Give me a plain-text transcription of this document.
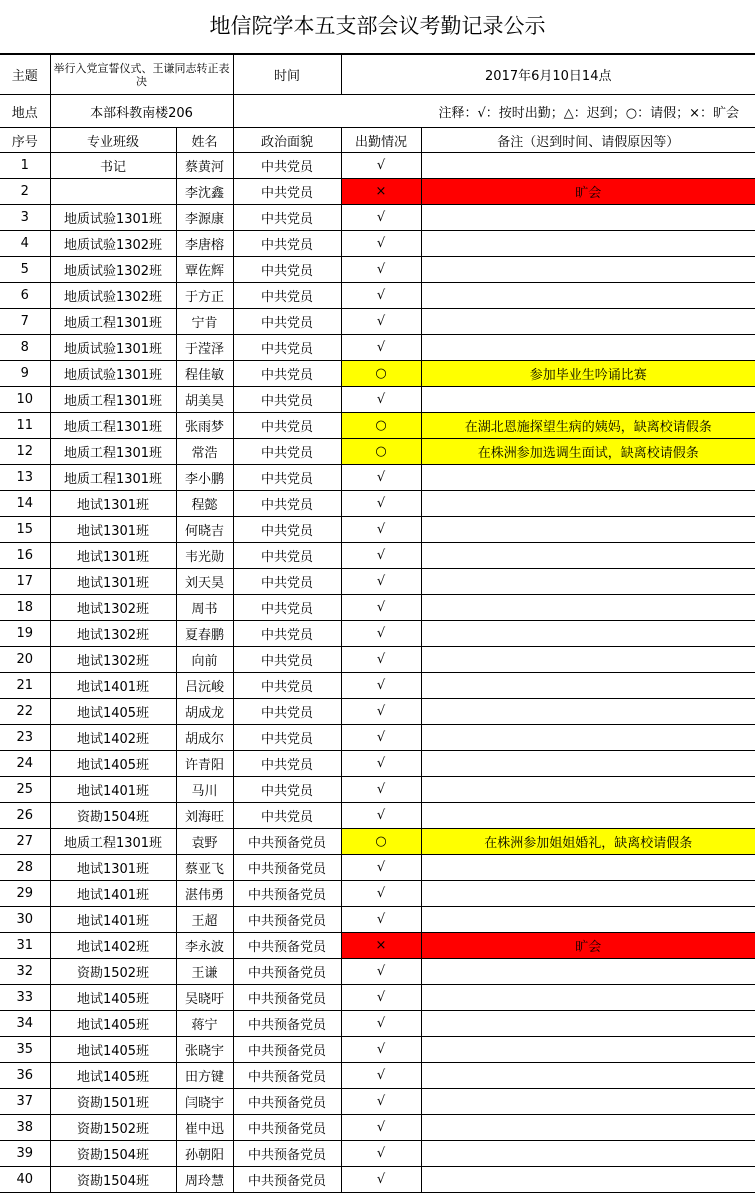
地信院学本五支部会议考勤记录公示
主题	举行入党宣誓仪式、王谦同志转正表决		时间	2017年6月10日14点	
地点	本部科教南楼206		注释：√：按时出勤；△：迟到；○：请假；×：旷会		
序号	专业班级	姓名	政治面貌	出勤情况	备注（迟到时间、请假原因等）
1	书记	蔡黄河	中共党员	√	
2		李沈鑫	中共党员	×	旷会
3	地质试验1301班	李源康	中共党员	√	
4	地质试验1302班	李唐榕	中共党员	√	
5	地质试验1302班	覃佐辉	中共党员	√	
6	地质试验1302班	于方正	中共党员	√	
7	地质工程1301班	宁肯	中共党员	√	
8	地质试验1301班	于滢泽	中共党员	√	
9	地质试验1301班	程佳敏	中共党员	○	参加毕业生吟诵比赛
10	地质工程1301班	胡美昊	中共党员	√	
11	地质工程1301班	张雨梦	中共党员	○	在湖北恩施探望生病的姨妈，缺离校请假条
12	地质工程1301班	常浩	中共党员	○	在株洲参加选调生面试，缺离校请假条
13	地质工程1301班	李小鹏	中共党员	√	
14	地试1301班	程懿	中共党员	√	
15	地试1301班	何晓吉	中共党员	√	
16	地试1301班	韦光勋	中共党员	√	
17	地试1301班	刘天昊	中共党员	√	
18	地试1302班	周书	中共党员	√	
19	地试1302班	夏春鹏	中共党员	√	
20	地试1302班	向前	中共党员	√	
21	地试1401班	吕沅峻	中共党员	√	
22	地试1405班	胡成龙	中共党员	√	
23	地试1402班	胡成尔	中共党员	√	
24	地试1405班	许青阳	中共党员	√	
25	地试1401班	马川	中共党员	√	
26	资勘1504班	刘海旺	中共党员	√	
27	地质工程1301班	袁野	中共预备党员	○	在株洲参加姐姐婚礼，缺离校请假条
28	地试1301班	蔡亚飞	中共预备党员	√	
29	地试1401班	湛伟勇	中共预备党员	√	
30	地试1401班	王超	中共预备党员	√	
31	地试1402班	李永波	中共预备党员	×	旷会
32	资勘1502班	王谦	中共预备党员	√	
33	地试1405班	吴晓吁	中共预备党员	√	
34	地试1405班	蒋宁	中共预备党员	√	
35	地试1405班	张晓宇	中共预备党员	√	
36	地试1405班	田方键	中共预备党员	√	
37	资勘1501班	闫晓宇	中共预备党员	√	
38	资勘1502班	崔中迅	中共预备党员	√	
39	资勘1504班	孙朝阳	中共预备党员	√	
40	资勘1504班	周玲慧	中共预备党员	√	
